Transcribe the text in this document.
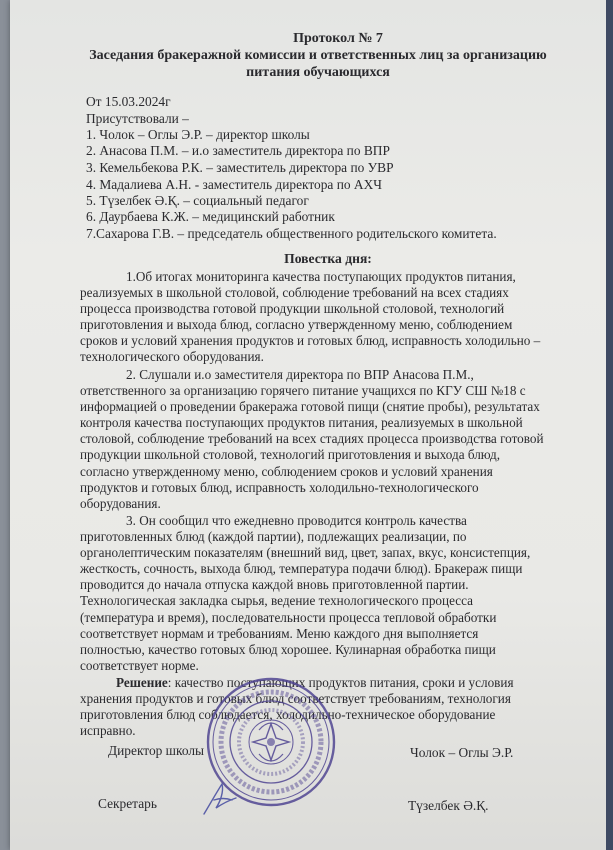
Протокол № 7
Заседания бракеражной комиссии и ответственных лиц за организацию
питания обучающихся
От 15.03.2024г
Присутствовали –
1. Чолок – Оглы Э.Р. – директор школы
2. Анасова П.М. – и.о заместитель директора по ВПР
3. Кемельбекова Р.К. – заместитель директора по УВР
4. Мадалиева А.Н. - заместитель директора по АХЧ
5. Түзелбек Ә.Қ. – социальный педагог
6. Даурбаева К.Ж. – медицинский работник
7.Сахарова Г.В. – председатель общественного родительского комитета.
Повестка дня:
1.Об итогах мониторинга качества поступающих продуктов питания,
реализуемых в школьной столовой, соблюдение требований на всех стадиях
процесса производства готовой продукции школьной столовой, технологий
приготовления и выхода блюд, согласно утвержденному меню, соблюдением
сроков и условий хранения продуктов и готовых блюд, исправность холодильно –
технологического оборудования.
2. Слушали и.о заместителя директора по ВПР Анасова П.М.,
ответственного за организацию горячего питание учащихся по КГУ СШ №18 с
информацией о проведении бракеража готовой пищи (снятие пробы), результатах
контроля качества поступающих продуктов питания, реализуемых в школьной
столовой, соблюдение требований на всех стадиях процесса производства готовой
продукции школьной столовой, технологий приготовления и выхода блюд,
согласно утвержденному меню, соблюдением сроков и условий хранения
продуктов и готовых блюд, исправность холодильно-технологического
оборудования.
3. Он сообщил что ежедневно проводится контроль качества
приготовленных блюд (каждой партии), подлежащих реализации, по
органолептическим показателям (внешний вид, цвет, запах, вкус, консистепция,
жесткость, сочность, выхода блюд, температура подачи блюд). Бракераж пищи
проводится до начала отпуска каждой вновь приготовленной партии.
Технологическая закладка сырья, ведение технологического процесса
(температура и время), последовательности процесса тепловой обработки
соответствует нормам и требованиям. Меню каждого дня выполняется
полностью, качество готовых блюд хорошее. Кулинарная обработка пищи
соответствует норме.
Решение: качество поступающих продуктов питания, сроки и условия
хранения продуктов и готовых блюд соответствует требованиям, технология
приготовления блюд соблюдается, холодильно-техническое оборудование
исправно.
Директор школы	Чолок – Оглы Э.Р.
Секретарь	Түзелбек Ә.Қ.
